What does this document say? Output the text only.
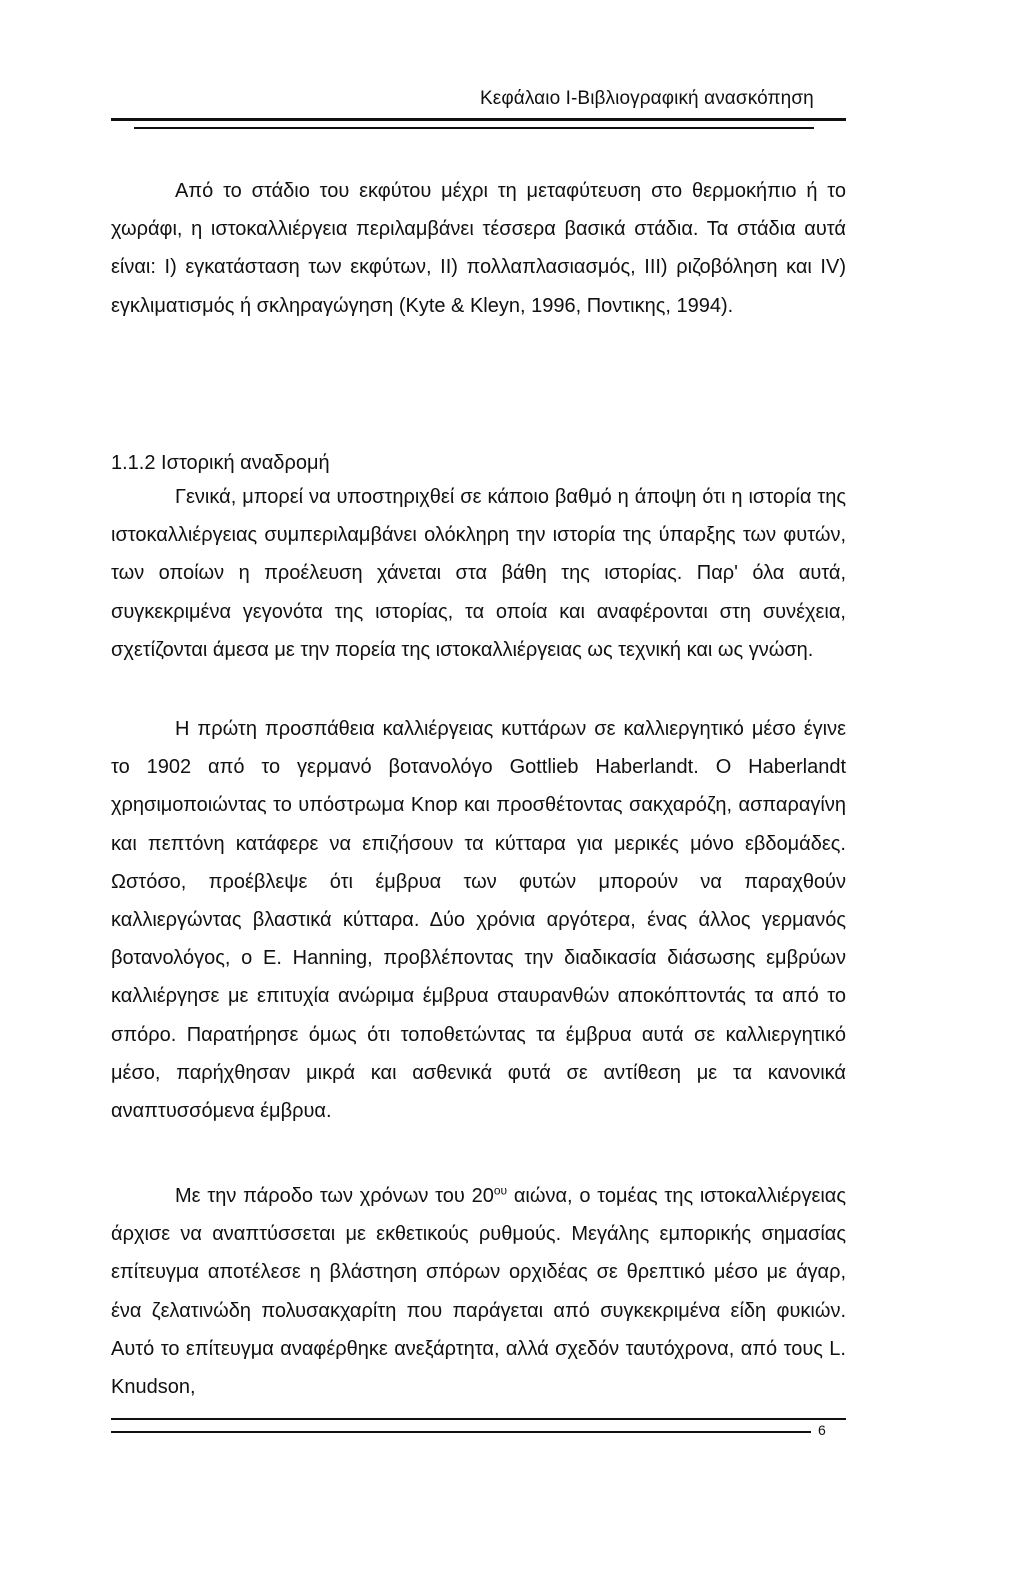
Κεφάλαιο Ι-Βιβλιογραφική ανασκόπηση

Από το στάδιο του εκφύτου μέχρι τη μεταφύτευση στο θερμοκήπιο ή το χωράφι, η ιστοκαλλιέργεια περιλαμβάνει τέσσερα βασικά στάδια. Τα στάδια αυτά είναι: Ι) εγκατάσταση των εκφύτων, ΙΙ) πολλαπλασιασμός, ΙΙΙ) ριζοβόληση και ΙV) εγκλιματισμός ή σκληραγώγηση (Kyte & Kleyn, 1996, Ποντικης, 1994).

1.1.2 Ιστορική αναδρομή

Γενικά, μπορεί να υποστηριχθεί σε κάποιο βαθμό η άποψη ότι η ιστορία της ιστοκαλλιέργειας συμπεριλαμβάνει ολόκληρη την ιστορία της ύπαρξης των φυτών, των οποίων η προέλευση χάνεται στα βάθη της ιστορίας. Παρ' όλα αυτά, συγκεκριμένα γεγονότα της ιστορίας, τα οποία και αναφέρονται στη συνέχεια, σχετίζονται άμεσα με την πορεία της ιστοκαλλιέργειας ως τεχνική και ως γνώση.

Η πρώτη προσπάθεια καλλιέργειας κυττάρων σε καλλιεργητικό μέσο έγινε το 1902 από το γερμανό βοτανολόγο Gottlieb Haberlandt. Ο Haberlandt χρησιμοποιώντας το υπόστρωμα Knop και προσθέτοντας σακχαρόζη, ασπαραγίνη και πεπτόνη κατάφερε να επιζήσουν τα κύτταρα για μερικές μόνο εβδομάδες. Ωστόσο, προέβλεψε ότι έμβρυα των φυτών μπορούν να παραχθούν καλλιεργώντας βλαστικά κύτταρα. Δύο χρόνια αργότερα, ένας άλλος γερμανός βοτανολόγος, ο Ε. Hanning, προβλέποντας την διαδικασία διάσωσης εμβρύων καλλιέργησε με επιτυχία ανώριμα έμβρυα σταυρανθών αποκόπτοντάς τα από το σπόρο. Παρατήρησε όμως ότι τοποθετώντας τα έμβρυα αυτά σε καλλιεργητικό μέσο, παρήχθησαν μικρά και ασθενικά φυτά σε αντίθεση με τα κανονικά αναπτυσσόμενα έμβρυα.

Με την πάροδο των χρόνων του $20^{o\upsilon}$ αιώνα, ο τομέας της ιστοκαλλιέργειας άρχισε να αναπτύσσεται με εκθετικούς ρυθμούς. Μεγάλης εμπορικής σημασίας επίτευγμα αποτέλεσε η βλάστηση σπόρων ορχιδέας σε θρεπτικό μέσο με άγαρ, ένα ζελατινώδη πολυσακχαρίτη που παράγεται από συγκεκριμένα είδη φυκιών. Αυτό το επίτευγμα αναφέρθηκε ανεξάρτητα, αλλά σχεδόν ταυτόχρονα, από τους L. Knudson,

6
